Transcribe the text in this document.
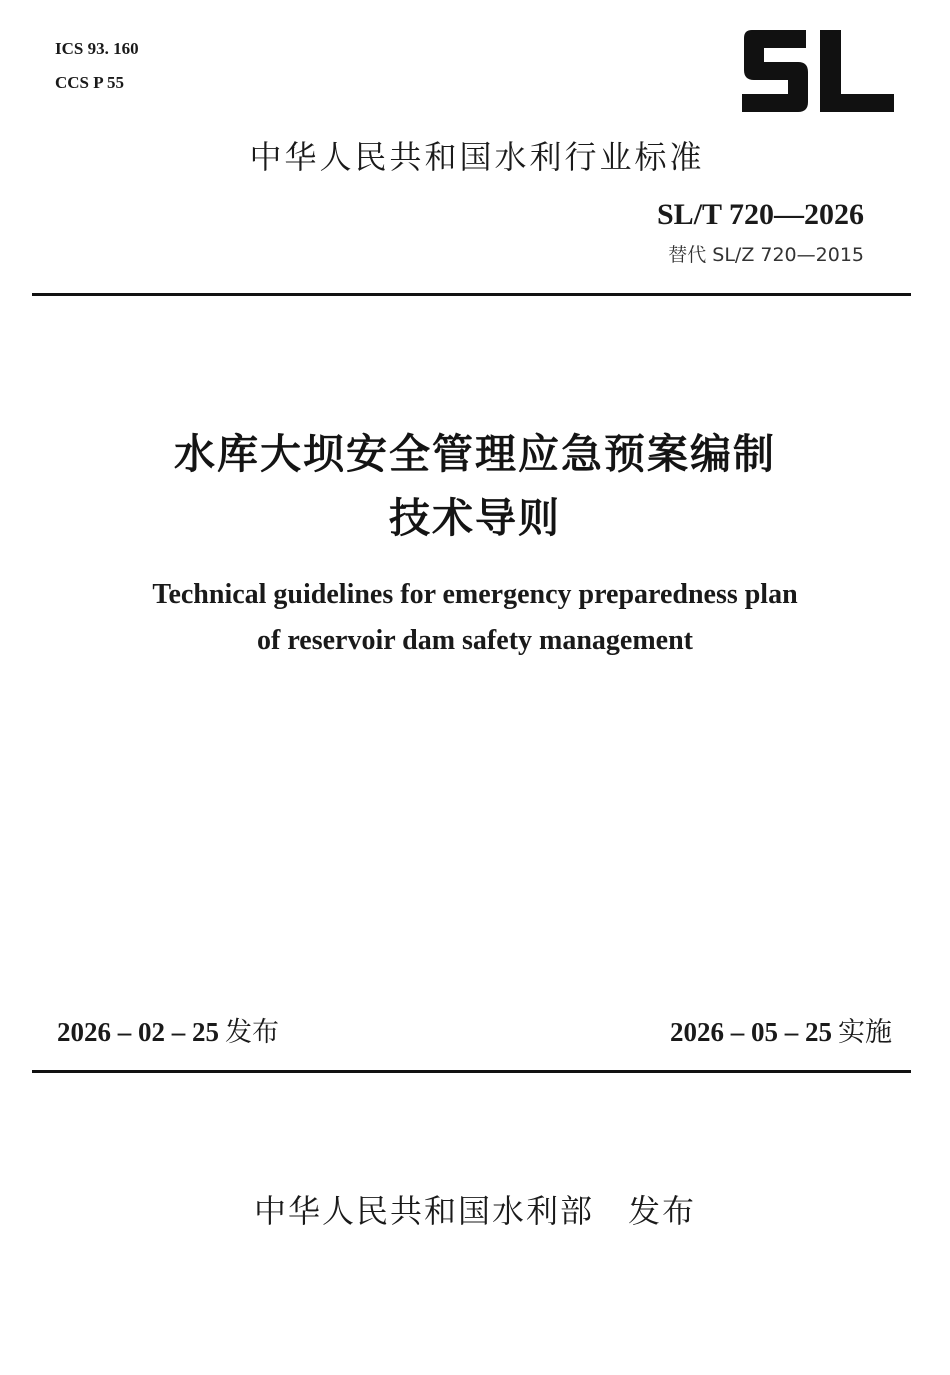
ICS 93. 160
CCS P 55
中华人民共和国水利行业标准
SL/T 720—2026
替代 SL/Z 720—2015
水库大坝安全管理应急预案编制
技术导则
Technical guidelines for emergency preparedness plan
of reservoir dam safety management
2026 – 02 – 25 发布	2026 – 05 – 25 实施
中华人民共和国水利部 发布
